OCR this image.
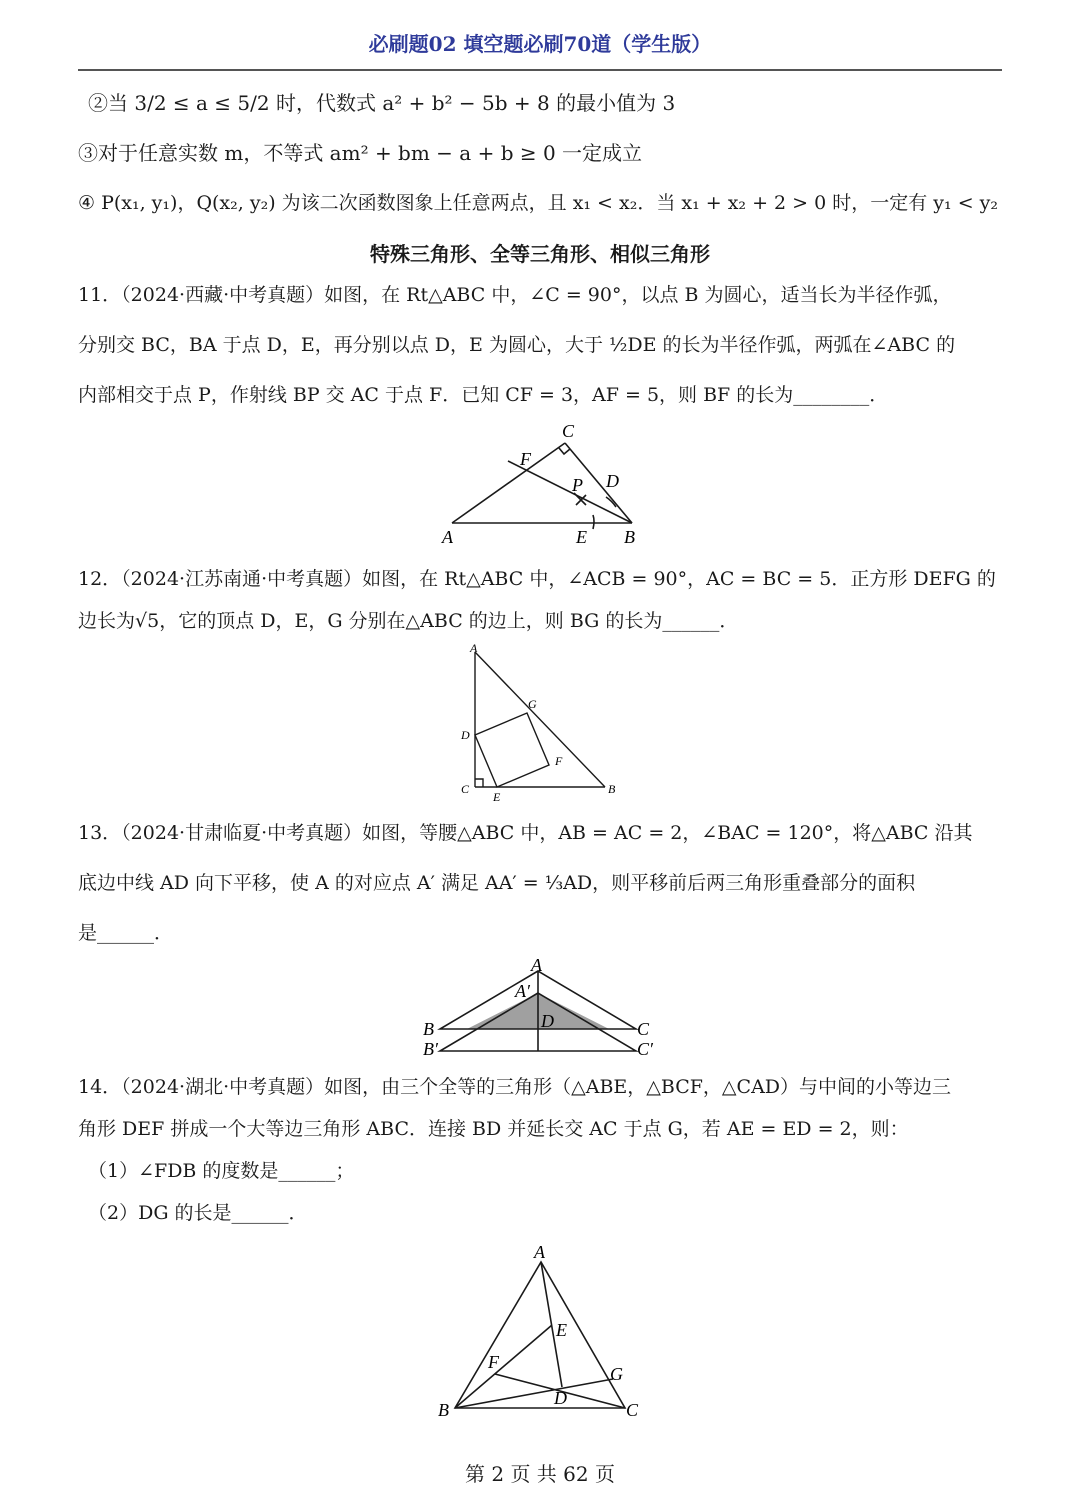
必刷题02 填空题必刷70道（学生版）
②当 3/2 ≤ a ≤ 5/2 时，代数式 a² + b² − 5b + 8 的最小值为 3
③对于任意实数 m，不等式 am² + bm − a + b ≥ 0 一定成立
④ P(x₁, y₁)，Q(x₂, y₂) 为该二次函数图象上任意两点，且 x₁ < x₂．当 x₁ + x₂ + 2 > 0 时，一定有 y₁ < y₂
特殊三角形、全等三角形、相似三角形
11．（2024·西藏·中考真题）如图，在 Rt△ABC 中，∠C = 90°，以点 B 为圆心，适当长为半径作弧，
分别交 BC，BA 于点 D，E，再分别以点 D，E 为圆心，大于 ½DE 的长为半径作弧，两弧在∠ABC 的
内部相交于点 P，作射线 BP 交 AC 于点 F．已知 CF = 3，AF = 5，则 BF 的长为________．
C
F
D
P
A	E B
12．（2024·江苏南通·中考真题）如图，在 Rt△ABC 中，∠ACB = 90°，AC = BC = 5．正方形 DEFG 的
边长为√5，它的顶点 D，E，G 分别在△ABC 的边上，则 BG 的长为______．
A
G
D
F
C
E
B
13．（2024·甘肃临夏·中考真题）如图，等腰△ABC 中，AB = AC = 2，∠BAC = 120°，将△ABC 沿其
底边中线 AD 向下平移，使 A 的对应点 A′ 满足 AA′ = ⅓AD，则平移前后两三角形重叠部分的面积
是______．
A
A′
D
B
B′
C
C′
14．（2024·湖北·中考真题）如图，由三个全等的三角形（△ABE，△BCF，△CAD）与中间的小等边三
角形 DEF 拼成一个大等边三角形 ABC．连接 BD 并延长交 AC 于点 G，若 AE = ED = 2，则：
（1）∠FDB 的度数是______；
（2）DG 的长是______．
A
E
F
G
D
B	C
第 2 页 共 62 页
